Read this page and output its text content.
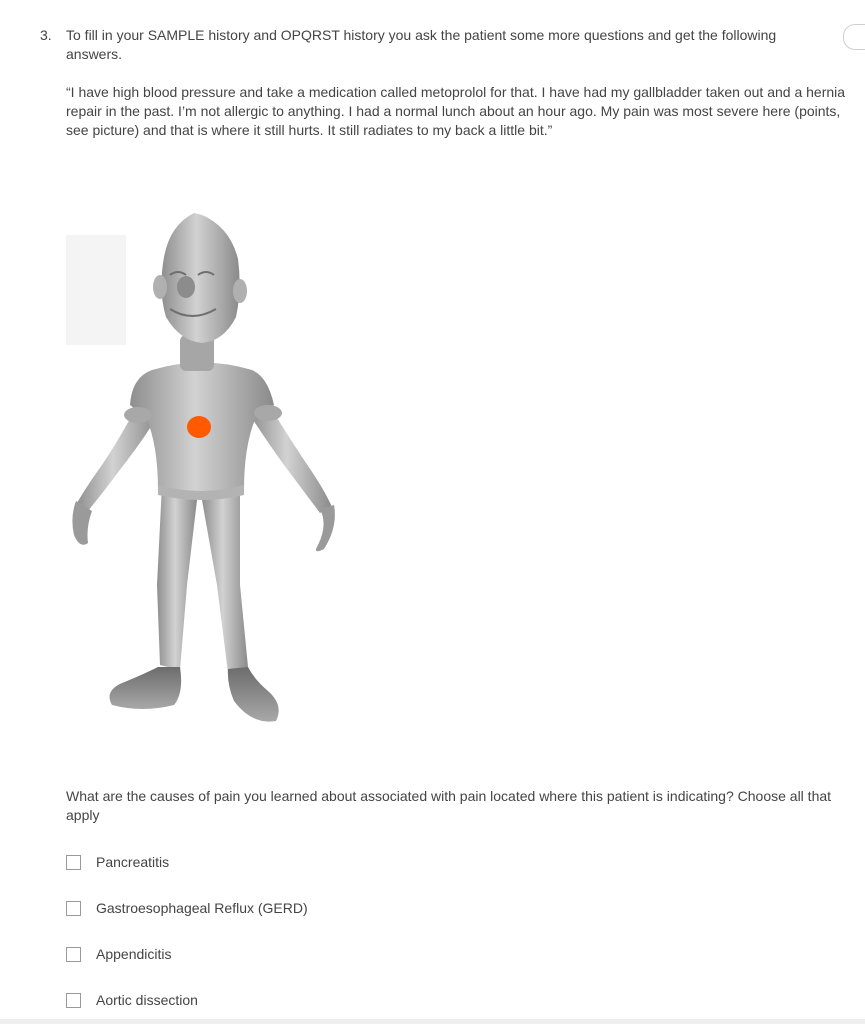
3. To fill in your SAMPLE history and OPQRST history you ask the patient some more questions and get the following answers.
“I have high blood pressure and take a medication called metoprolol for that. I have had my gallbladder taken out and a hernia repair in the past. I’m not allergic to anything. I had a normal lunch about an hour ago. My pain was most severe here (points, see picture) and that is where it still hurts. It still radiates to my back a little bit.”
What are the causes of pain you learned about associated with pain located where this patient is indicating? Choose all that apply
Pancreatitis
Gastroesophageal Reflux (GERD)
Appendicitis
Aortic dissection
